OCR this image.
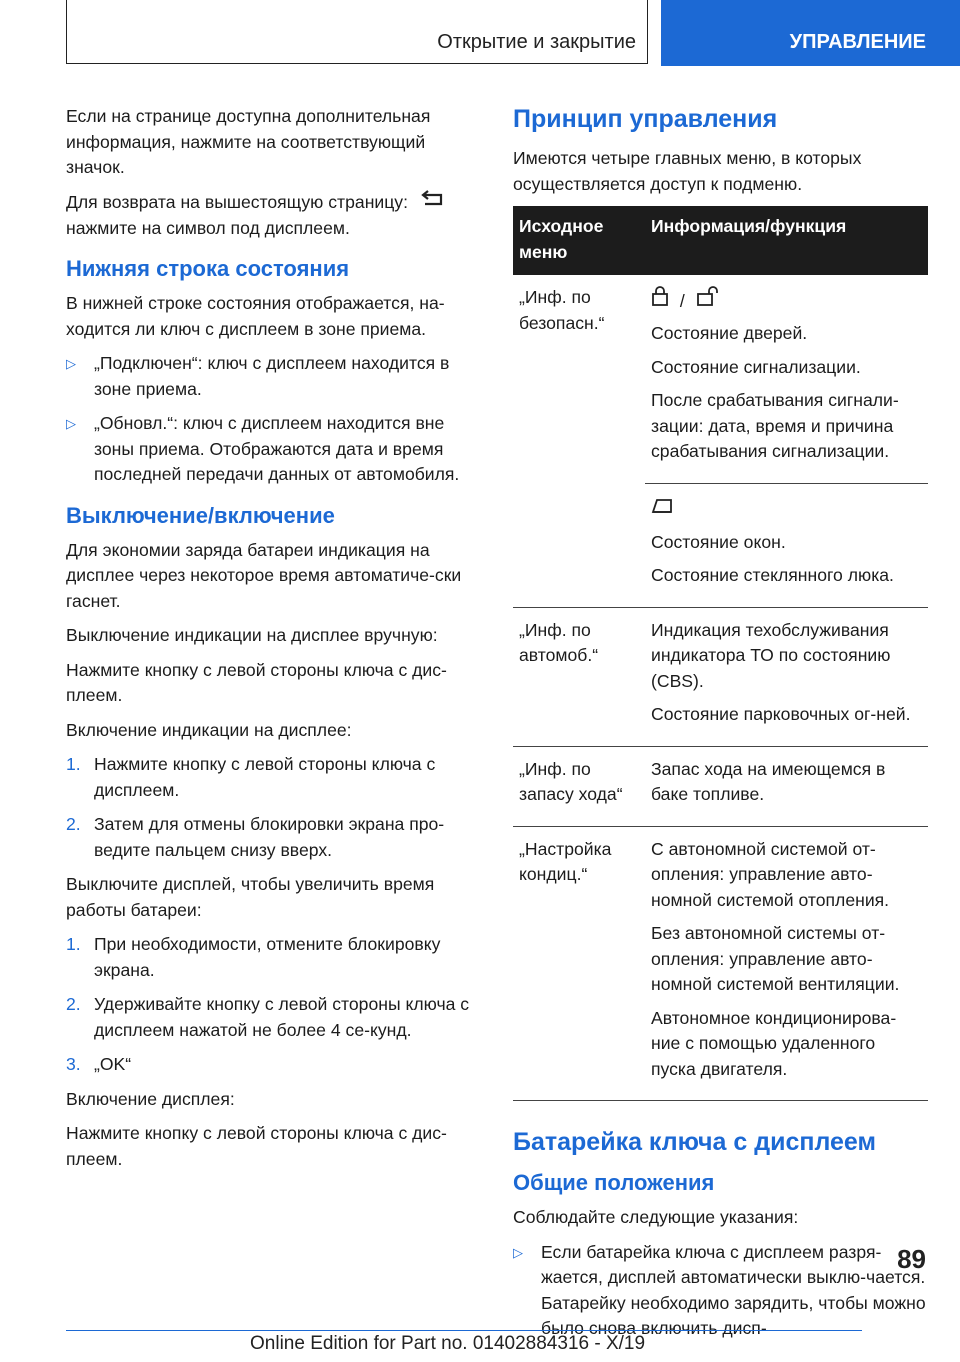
Открытие и закрытие	УПРАВЛЕНИЕ

Если на странице доступна дополнительная информация, нажмите на соответствующий значок.

Для возврата на вышестоящую страницу:
нажмите на символ под дисплеем.

Нижняя строка состояния

В нижней строке состояния отображается, на-ходится ли ключ с дисплеем в зоне приема.

▷ „Подключен“: ключ с дисплеем находится в зоне приема.
▷ „Обновл.“: ключ с дисплеем находится вне зоны приема. Отображаются дата и время последней передачи данных от автомобиля.
Выключение/включение

Для экономии заряда батареи индикация на дисплее через некоторое время автоматиче-ски гаснет.

Выключение индикации на дисплее вручную:

Нажмите кнопку с левой стороны ключа с дис-плеем.

Включение индикации на дисплее:

1. Нажмите кнопку с левой стороны ключа с дисплеем.
2. Затем для отмены блокировки экрана про-ведите пальцем снизу вверх.

Выключите дисплей, чтобы увеличить время работы батареи:

1. При необходимости, отмените блокировку экрана.
2. Удерживайте кнопку с левой стороны ключа с дисплеем нажатой не более 4 се-кунд.
3. „OK“

Включение дисплея:

Нажмите кнопку с левой стороны ключа с дис-плеем.

Принцип управления

Имеются четыре главных меню, в которых осуществляется доступ к подменю.

Исходное меню	Информация/функция
„Инф. по безопасн.“	/

Состояние дверей.

Состояние сигнализации.

После срабатывания сигнали-зации: дата, время и причина срабатывания сигнализации.

	Состояние окон.

Состояние стеклянного люка.

„Инф. по автомоб.“	Индикация техобслуживания индикатора ТО по состоянию (CBS).

Состояние парковочных ог-ней.

„Инф. по запасу хода“	Запас хода на имеющемся в баке топливе.

„Настройка кондиц.“	С автономной системой от-опления: управление авто-номной системой отопления.

Без автономной системы от-опления: управление авто-номной системой вентиляции.

Автономное кондиционирова-ние с помощью удаленного пуска двигателя.

Батарейка ключа с дисплеем
Общие положения

Соблюдайте следующие указания:

▷ Если батарейка ключа с дисплеем разря-жается, дисплей автоматически выклю-чается. Батарейку необходимо зарядить, чтобы можно было снова включить дисп-
89
Online Edition for Part no. 01402884316 - X/19
